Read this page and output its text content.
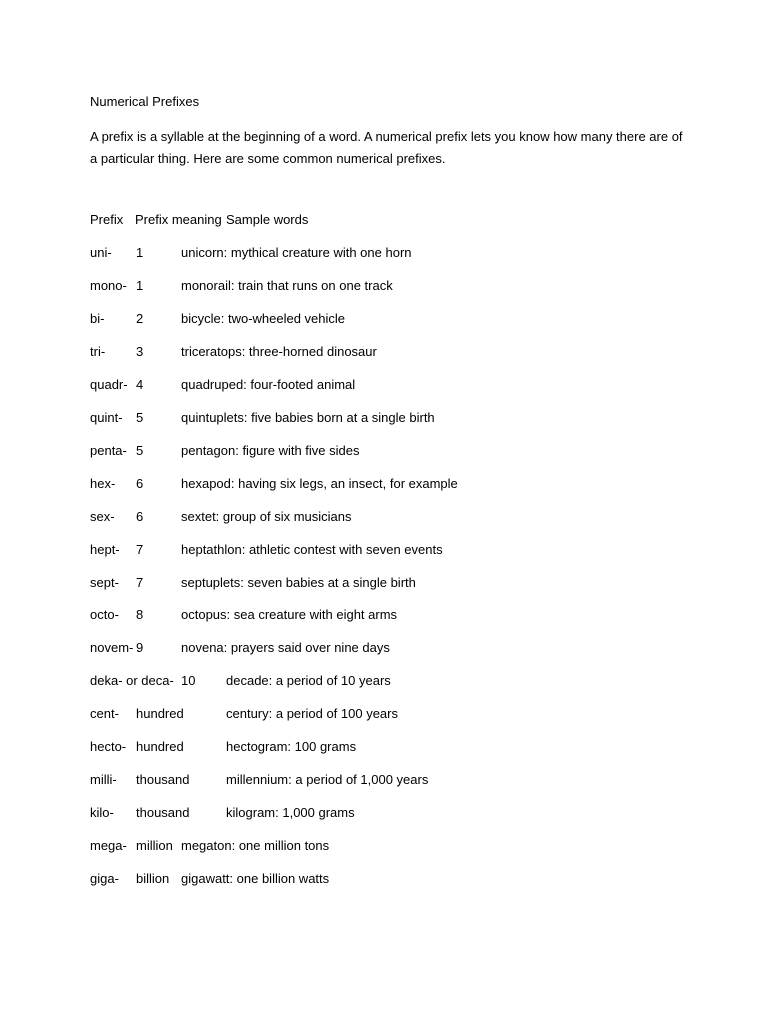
Numerical Prefixes
A prefix is a syllable at the beginning of a word. A numerical prefix lets you know how many there are of a particular thing. Here are some common numerical prefixes.
Prefix Prefix meaning Sample words
uni- 1	unicorn: mythical creature with one horn
mono- 1	monorail: train that runs on one track
bi- 2	bicycle: two-wheeled vehicle
tri- 3	triceratops: three-horned dinosaur
quadr- 4	quadruped: four-footed animal
quint- 5	quintuplets: five babies born at a single birth
penta- 5	pentagon: figure with five sides
hex- 6	hexapod: having six legs, an insect, for example
sex- 6	sextet: group of six musicians
hept- 7	heptathlon: athletic contest with seven events
sept- 7	septuplets: seven babies at a single birth
octo- 8	octopus: sea creature with eight arms
novem- 9	novena: prayers said over nine days
deka- or deca- 10 decade: a period of 10 years
cent- hundred	century: a period of 100 years
hecto- hundred	hectogram: 100 grams
milli- thousand	millennium: a period of 1,000 years
kilo- thousand	kilogram: 1,000 grams
mega- million megaton: one million tons
giga- billion gigawatt: one billion watts
